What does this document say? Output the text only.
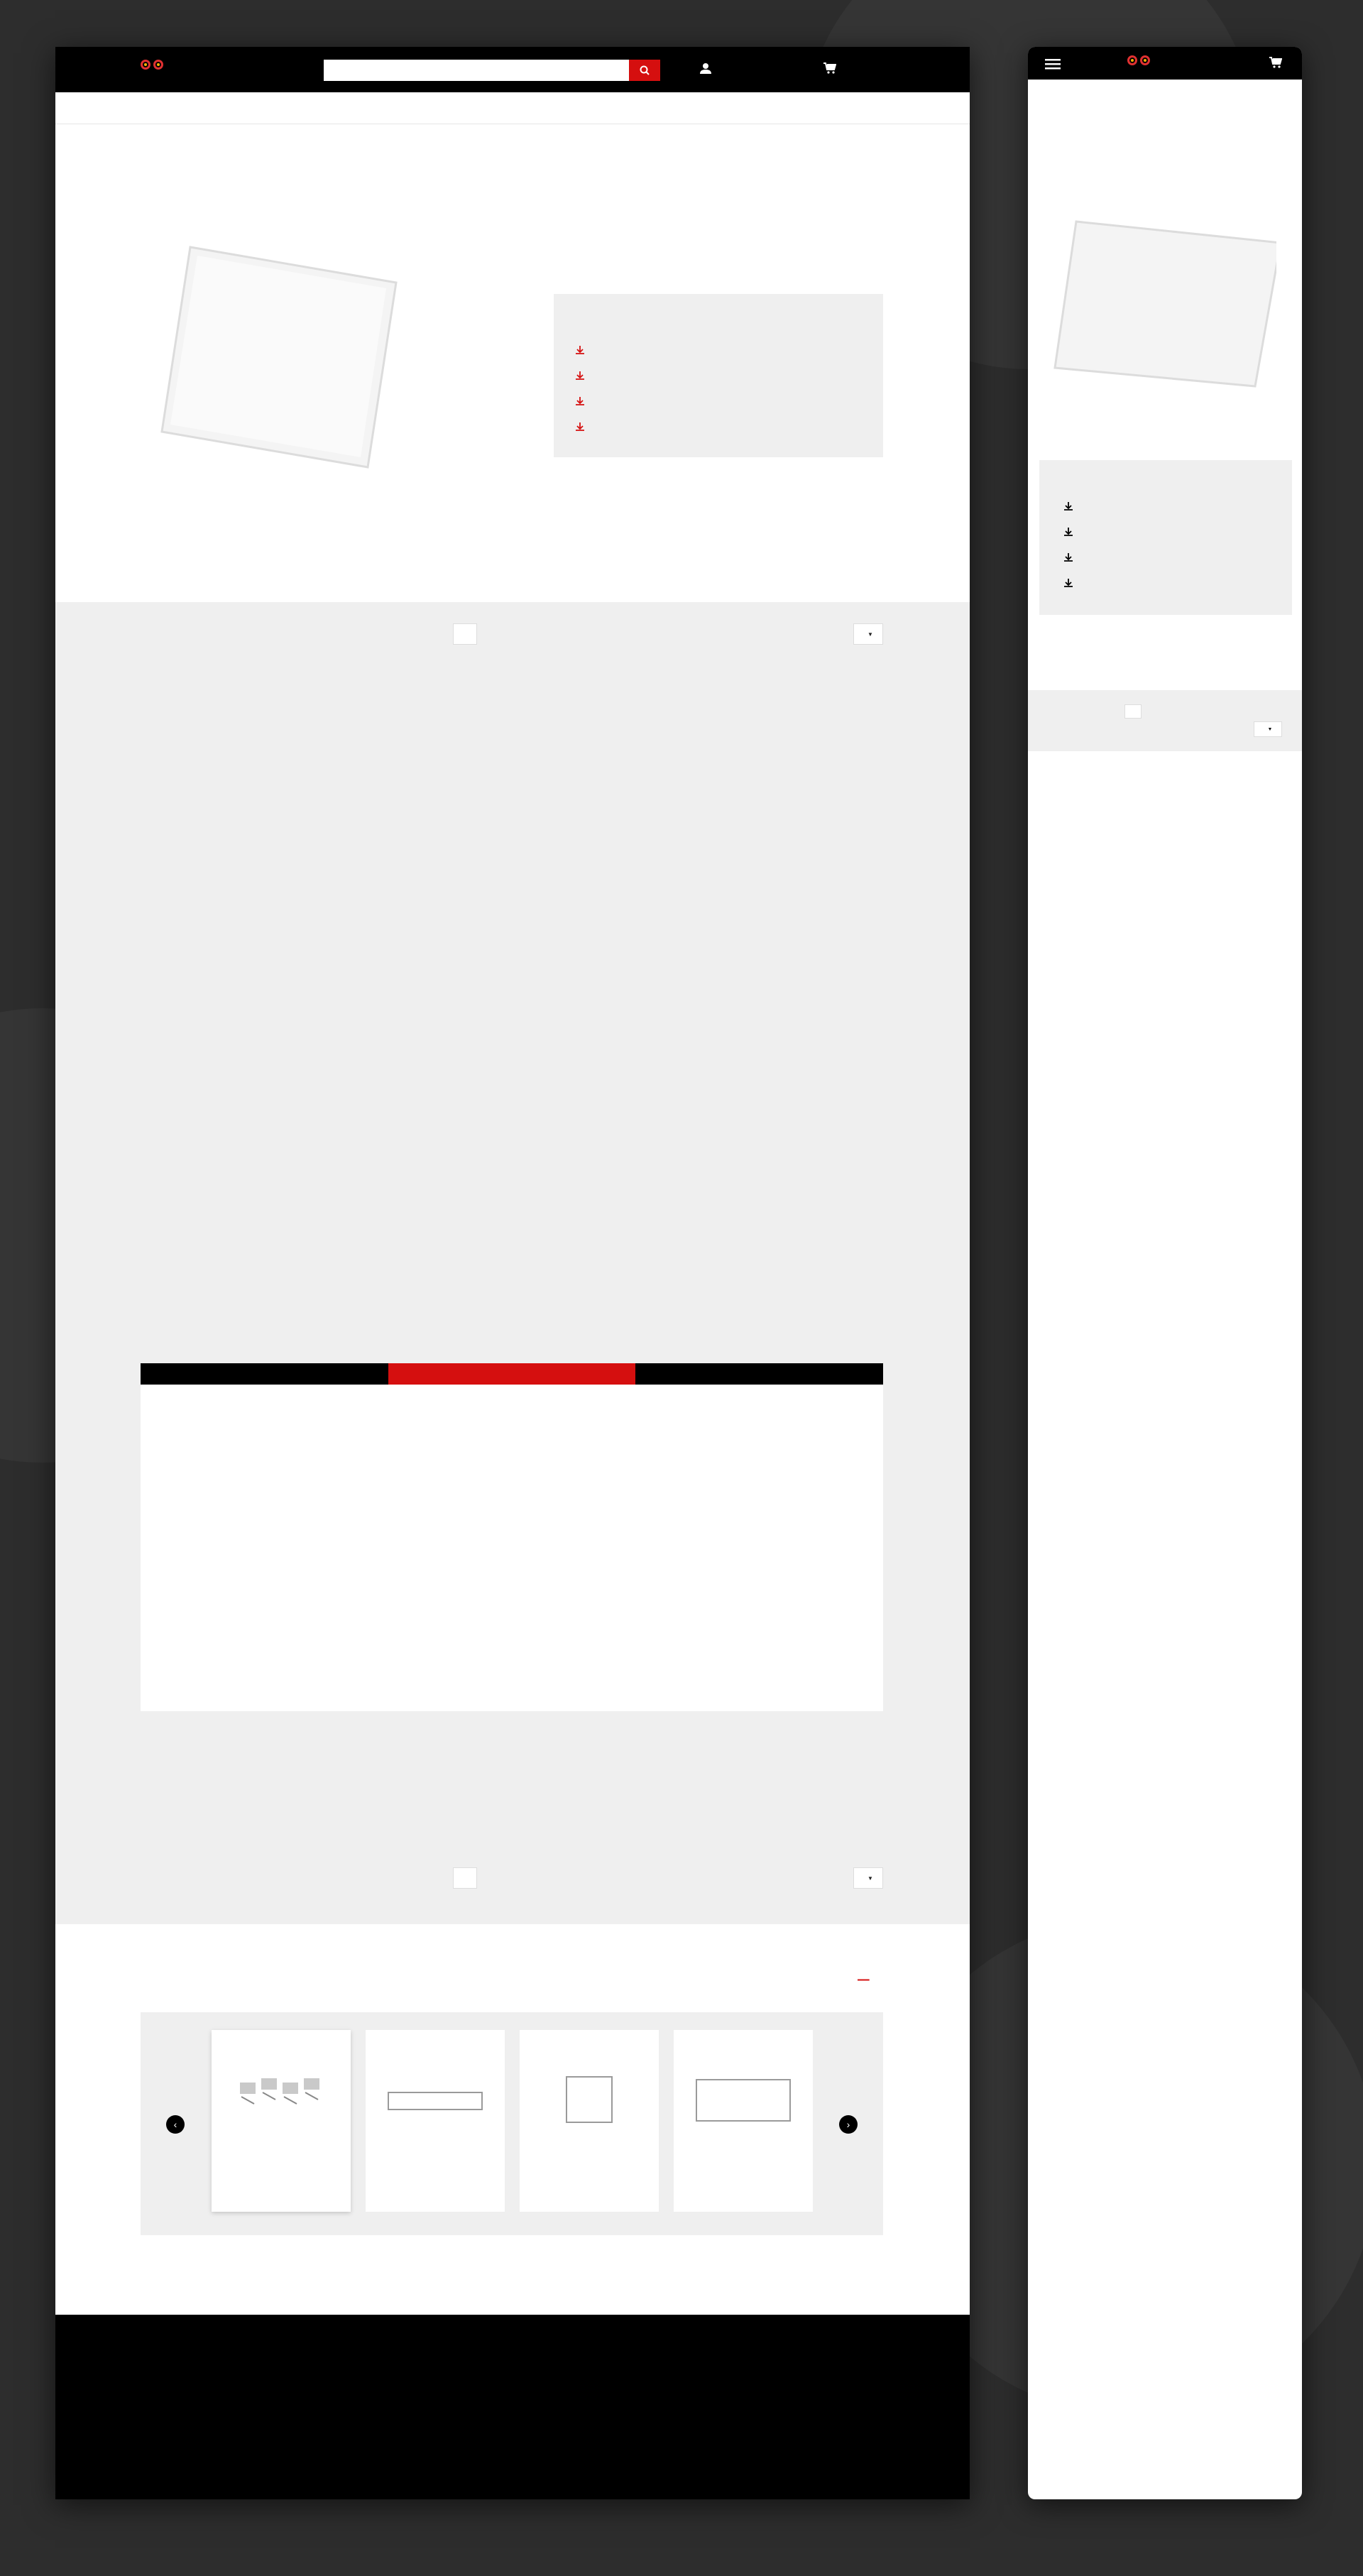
▼
▼
–
‹	›
▼
